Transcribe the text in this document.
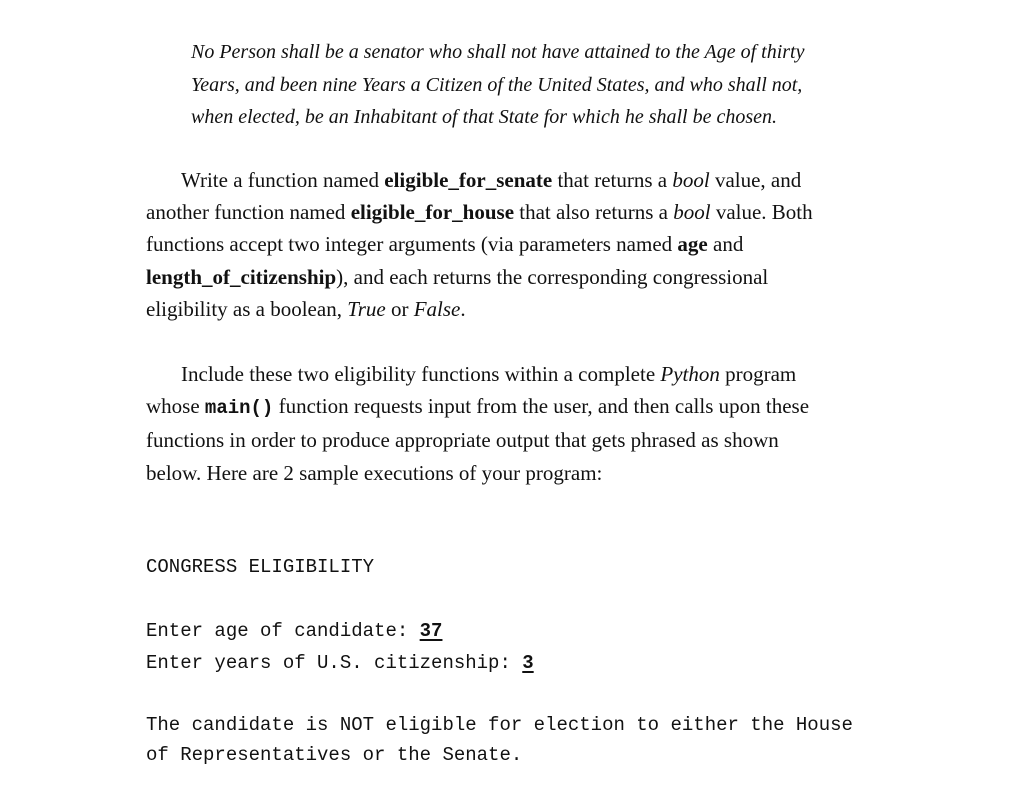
No Person shall be a senator who shall not have attained to the Age of thirty
Years, and been nine Years a Citizen of the United States, and who shall not,
when elected, be an Inhabitant of that State for which he shall be chosen.
Write a function named eligible_for_senate that returns a bool value, and
another function named eligible_for_house that also returns a bool value. Both
functions accept two integer arguments (via parameters named age and
length_of_citizenship), and each returns the corresponding congressional
eligibility as a boolean, True or False.
Include these two eligibility functions within a complete Python program
whose main() function requests input from the user, and then calls upon these
functions in order to produce appropriate output that gets phrased as shown
below. Here are 2 sample executions of your program:
CONGRESS ELIGIBILITY
Enter age of candidate: 37
Enter years of U.S. citizenship: 3
The candidate is NOT eligible for election to either the House
of Representatives or the Senate.
